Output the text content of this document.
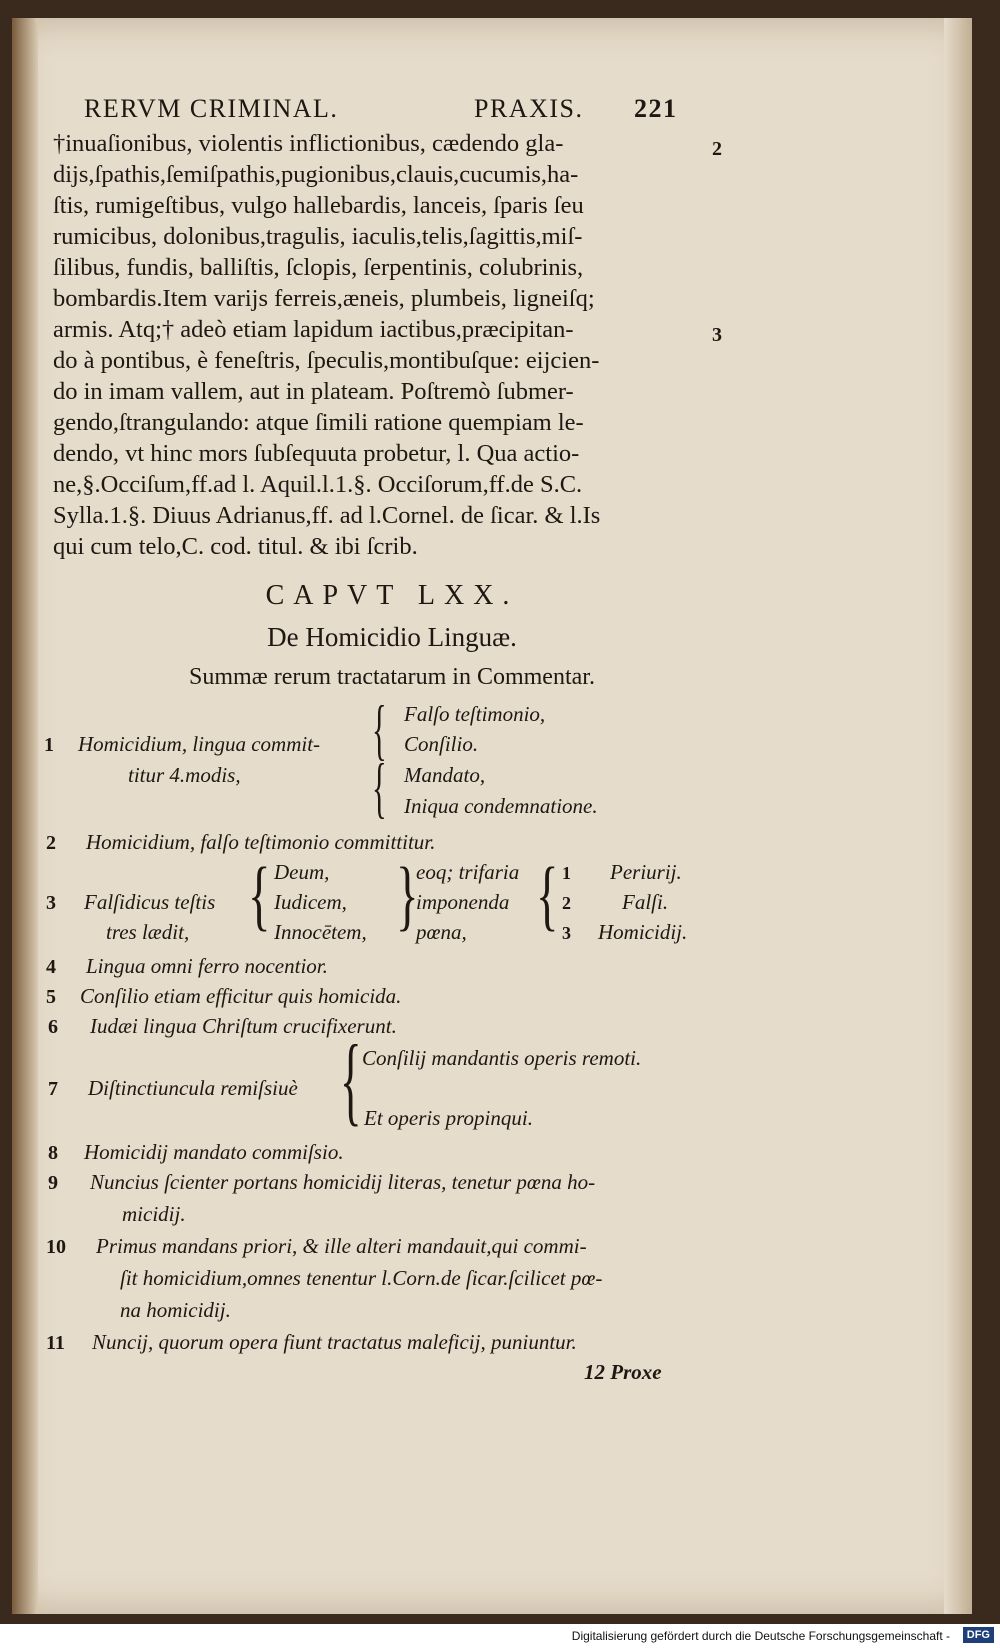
RERVM CRIMINAL.	PRAXIS. 221
†inuaſionibus, violentis inflictionibus, cædendo gla-
dijs,ſpathis,ſemiſpathis,pugionibus,clauis,cucumis,ha-
ſtis, rumigeſtibus, vulgo hallebardis, lanceis, ſparis ſeu
rumicibus, dolonibus,tragulis, iaculis,telis,ſagittis,miſ-
ſilibus, fundis, balliſtis, ſclopis, ſerpentinis, colubrinis,
bombardis.Item varijs ferreis,æneis, plumbeis, ligneiſq;
armis. Atq;† adeò etiam lapidum iactibus,præcipitan-
do à pontibus, è feneſtris, ſpeculis,montibuſque: eijcien-
do in imam vallem, aut in plateam. Poſtremò ſubmer-
gendo,ſtrangulando: atque ſimili ratione quempiam le-
dendo, vt hinc mors ſubſequuta probetur, l. Qua actio-
ne,§.Occiſum,ff.ad l. Aquil.l.1.§. Occiſorum,ff.de S.C.
Sylla.1.§. Diuus Adrianus,ff. ad l.Cornel. de ſicar. & l.Is
qui cum telo,C. cod. titul. & ibi ſcrib.
2
3
CAPVT LXX.
De Homicidio Linguæ.
Summæ rerum tractatarum in Commentar.
1 Homicidium, lingua commit-
titur 4.modis,
{
{
Falſo teſtimonio,
Conſilio.
Mandato,
Iniqua condemnatione.
2 Homicidium, falſo teſtimonio committitur.
3 Falſidicus teſtis
tres lædit, { Deum,
Iudicem,
Innocētem, }
eoq; trifaria
imponenda
pœna, { 1
2
3
Periurij.
Falſi.
Homicidij.
4 Lingua omni ferro nocentior.
5 Conſilio etiam efficitur quis homicida.
6 Iudæi lingua Chriſtum crucifixerunt.
7 Diſtinctiuncula remiſsiuè { Conſilij mandantis operis remoti.
Et operis propinqui.
8 Homicidij mandato commiſsio.
9 Nuncius ſcienter portans homicidij literas, tenetur pœna ho-
micidij.
10 Primus mandans priori, & ille alteri mandauit,qui commi-
ſit homicidium,omnes tenentur l.Corn.de ſicar.ſcilicet pœ-
na homicidij.
11 Nuncij, quorum opera fiunt tractatus maleficij, puniuntur.
12 Proxe
Digitalisierung gefördert durch die Deutsche Forschungsgemeinschaft -	DFG
